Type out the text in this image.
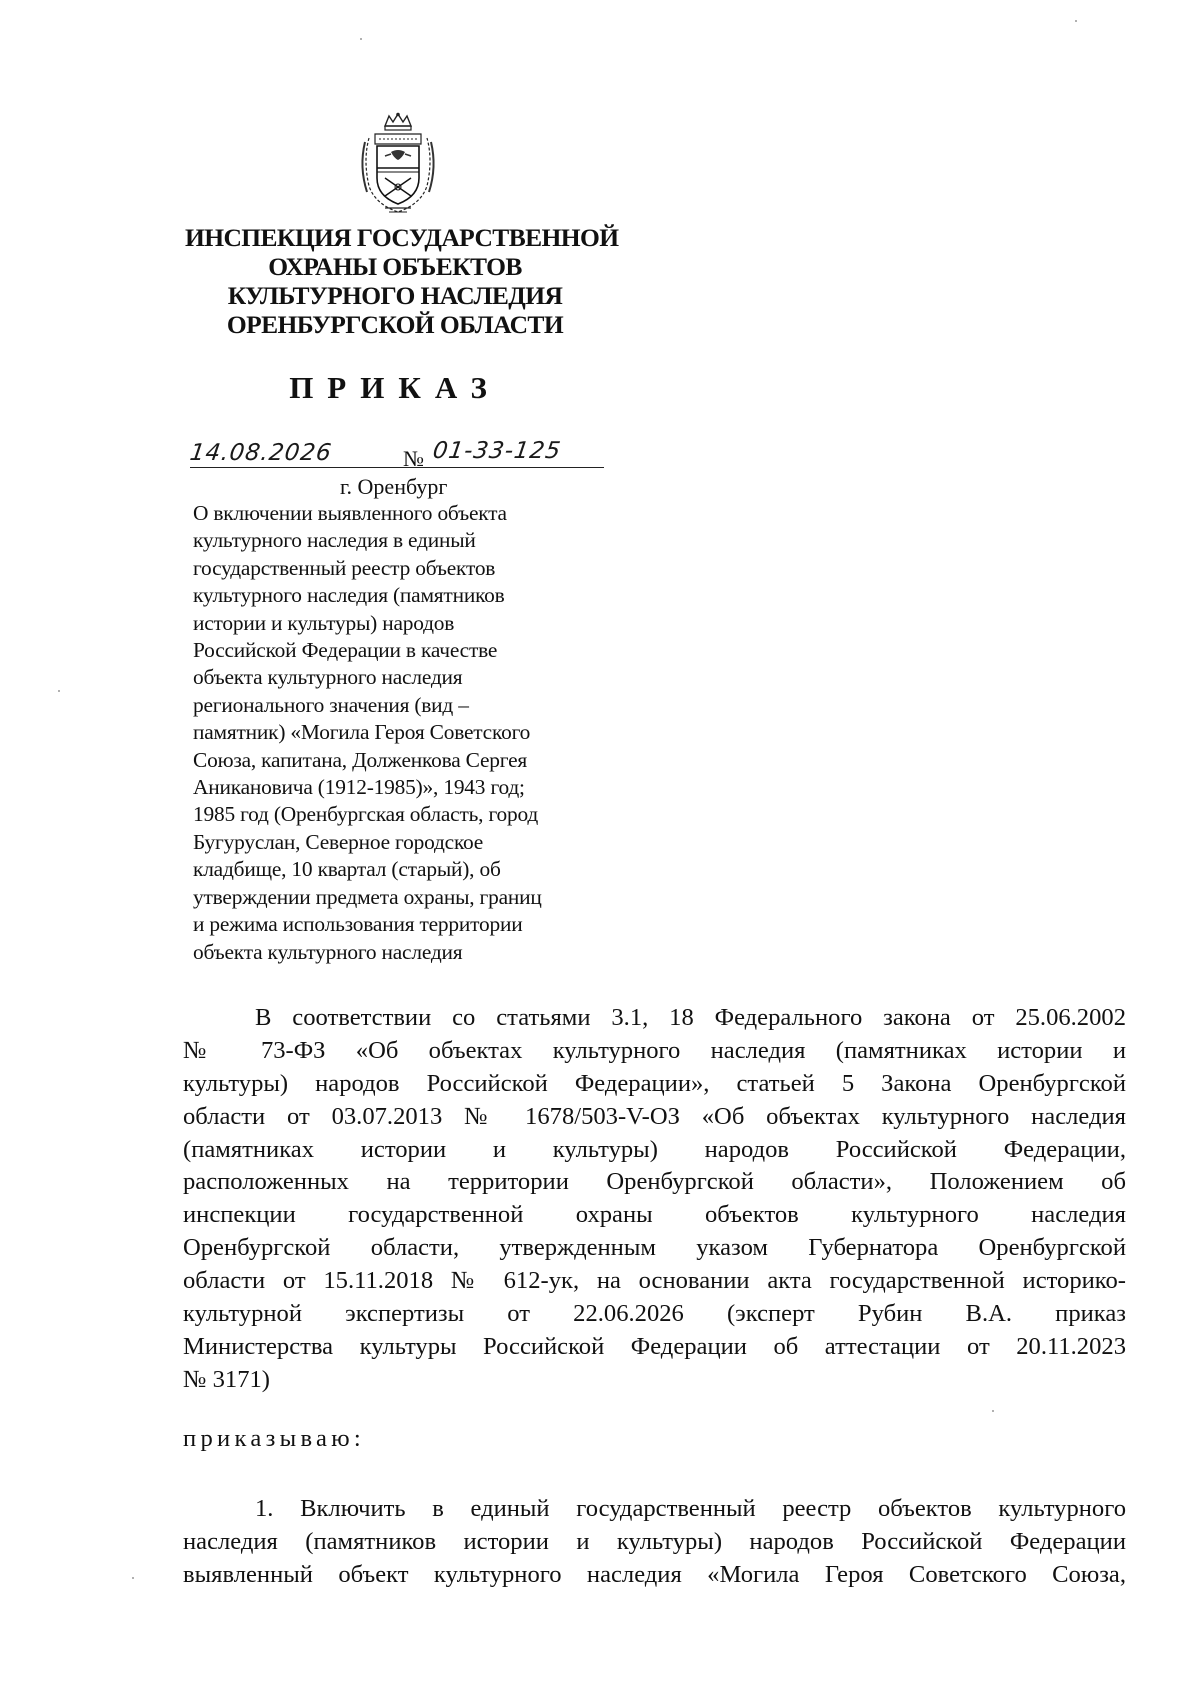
ИНСПЕКЦИЯ ГОСУДАРСТВЕННОЙ
ОХРАНЫ ОБЪЕКТОВ
КУЛЬТУРНОГО НАСЛЕДИЯ
ОРЕНБУРГСКОЙ ОБЛАСТИ
ПРИКАЗ
14.08.2026	№ 01-33-125
г. Оренбург
О включении выявленного объекта
культурного наследия в единый
государственный реестр объектов
культурного наследия (памятников
истории и культуры) народов
Российской Федерации в качестве
объекта культурного наследия
регионального значения (вид –
памятник) «Могила Героя Советского
Союза, капитана, Долженкова Сергея
Аникановича (1912-1985)», 1943 год;
1985 год (Оренбургская область, город
Бугуруслан, Северное городское
кладбище, 10 квартал (старый), об
утверждении предмета охраны, границ
и режима использования территории
объекта культурного наследия
В соответствии со статьями 3.1, 18 Федерального закона от 25.06.2002
№ 73-ФЗ «Об объектах культурного наследия (памятниках истории и
культуры) народов Российской Федерации», статьей 5 Закона Оренбургской
области от 03.07.2013 № 1678/503-V-ОЗ «Об объектах культурного наследия
(памятниках истории и культуры) народов Российской Федерации,
расположенных на территории Оренбургской области», Положением об
инспекции государственной охраны объектов культурного наследия
Оренбургской области, утвержденным указом Губернатора Оренбургской
области от 15.11.2018 № 612-ук, на основании акта государственной историко-
культурной экспертизы от 22.06.2026 (эксперт Рубин В.А. приказ
Министерства культуры Российской Федерации об аттестации от 20.11.2023
№ 3171)
приказываю:
1. Включить в единый государственный реестр объектов культурного
наследия (памятников истории и культуры) народов Российской Федерации
выявленный объект культурного наследия «Могила Героя Советского Союза,
